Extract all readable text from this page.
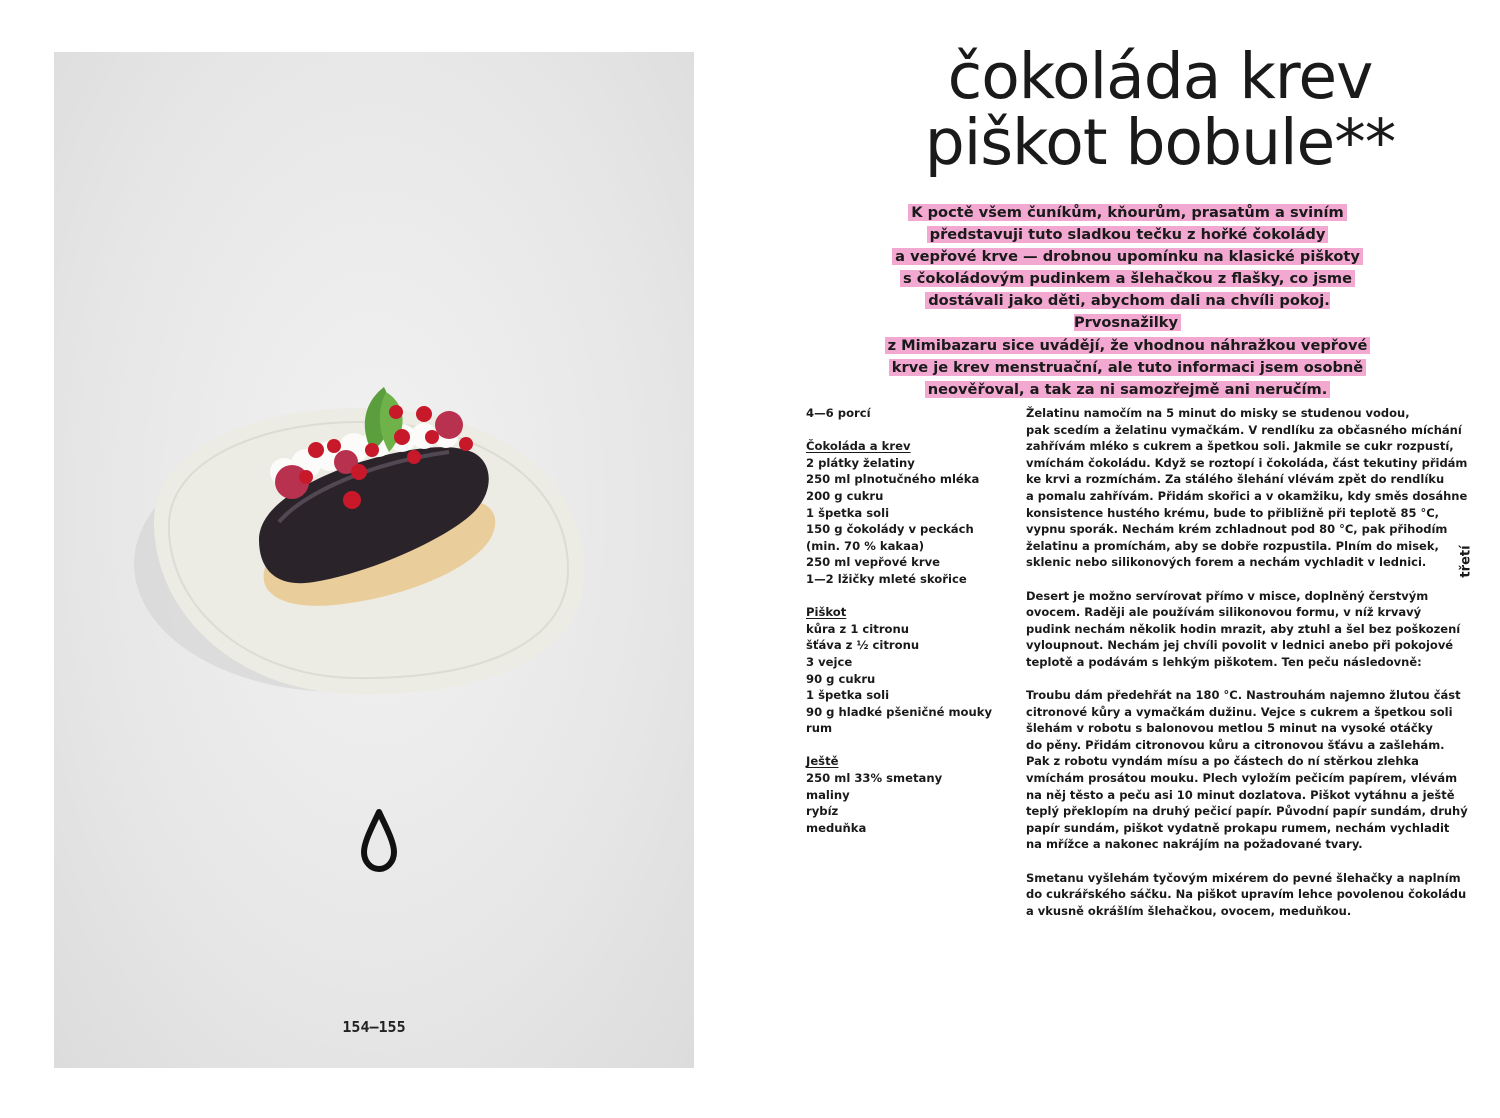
154—155
čokoláda krev
piškot bobule**
K poctě všem čuníkům, kňourům, prasatům a sviním
představuji tuto sladkou tečku z hořké čokolády
a vepřové krve — drobnou upomínku na klasické piškoty
s čokoládovým pudinkem a šlehačkou z flašky, co jsme
dostávali jako děti, abychom dali na chvíli pokoj. Prvosnažilky
z Mimibazaru sice uvádějí, že vhodnou náhražkou vepřové
krve je krev menstruační, ale tuto informaci jsem osobně
neověřoval, a tak za ni samozřejmě ani neručím.
4—6 porcí
Čokoláda a krev
2 plátky želatiny
250 ml plnotučného mléka
200 g cukru
1 špetka soli
150 g čokolády v peckách
(min. 70 % kakaa)
250 ml vepřové krve
1—2 lžičky mleté skořice
Piškot
kůra z 1 citronu
šťáva z ½ citronu
3 vejce
90 g cukru
1 špetka soli
90 g hladké pšeničné mouky
rum
Ještě
250 ml 33% smetany
maliny
rybíz
meduňka

Želatinu namočím na 5 minut do misky se studenou vodou,
pak scedím a želatinu vymačkám. V rendlíku za občasného míchání
zahřívám mléko s cukrem a špetkou soli. Jakmile se cukr rozpustí,
vmíchám čokoládu. Když se roztopí i čokoláda, část tekutiny přidám
ke krvi a rozmíchám. Za stálého šlehání vlévám zpět do rendlíku
a pomalu zahřívám. Přidám skořici a v okamžiku, kdy směs dosáhne
konsistence hustého krému, bude to přibližně při teplotě 85 °C,
vypnu sporák. Nechám krém zchladnout pod 80 °C, pak přihodím
želatinu a promíchám, aby se dobře rozpustila. Plním do misek,
sklenic nebo silikonových forem a nechám vychladit v lednici.

Desert je možno servírovat přímo v misce, doplněný čerstvým
ovocem. Raději ale používám silikonovou formu, v níž krvavý
pudink nechám několik hodin mrazit, aby ztuhl a šel bez poškození
vyloupnout. Nechám jej chvíli povolit v lednici anebo při pokojové
teplotě a podávám s lehkým piškotem. Ten peču následovně:

Troubu dám předehřát na 180 °C. Nastrouhám najemno žlutou část
citronové kůry a vymačkám dužinu. Vejce s cukrem a špetkou soli
šlehám v robotu s balonovou metlou 5 minut na vysoké otáčky
do pěny. Přidám citronovou kůru a citronovou šťávu a zašlehám.
Pak z robotu vyndám mísu a po částech do ní stěrkou zlehka
vmíchám prosátou mouku. Plech vyložím pečicím papírem, vlévám
na něj těsto a peču asi 10 minut dozlatova. Piškot vytáhnu a ještě
teplý překlopím na druhý pečicí papír. Původní papír sundám, druhý
papír sundám, piškot vydatně prokapu rumem, nechám vychladit
na mřížce a nakonec nakrájím na požadované tvary.

Smetanu vyšlehám tyčovým mixérem do pevné šlehačky a naplním
do cukrářského sáčku. Na piškot upravím lehce povolenou čokoládu
a vkusně okrášlím šlehačkou, ovocem, meduňkou.

třetí
